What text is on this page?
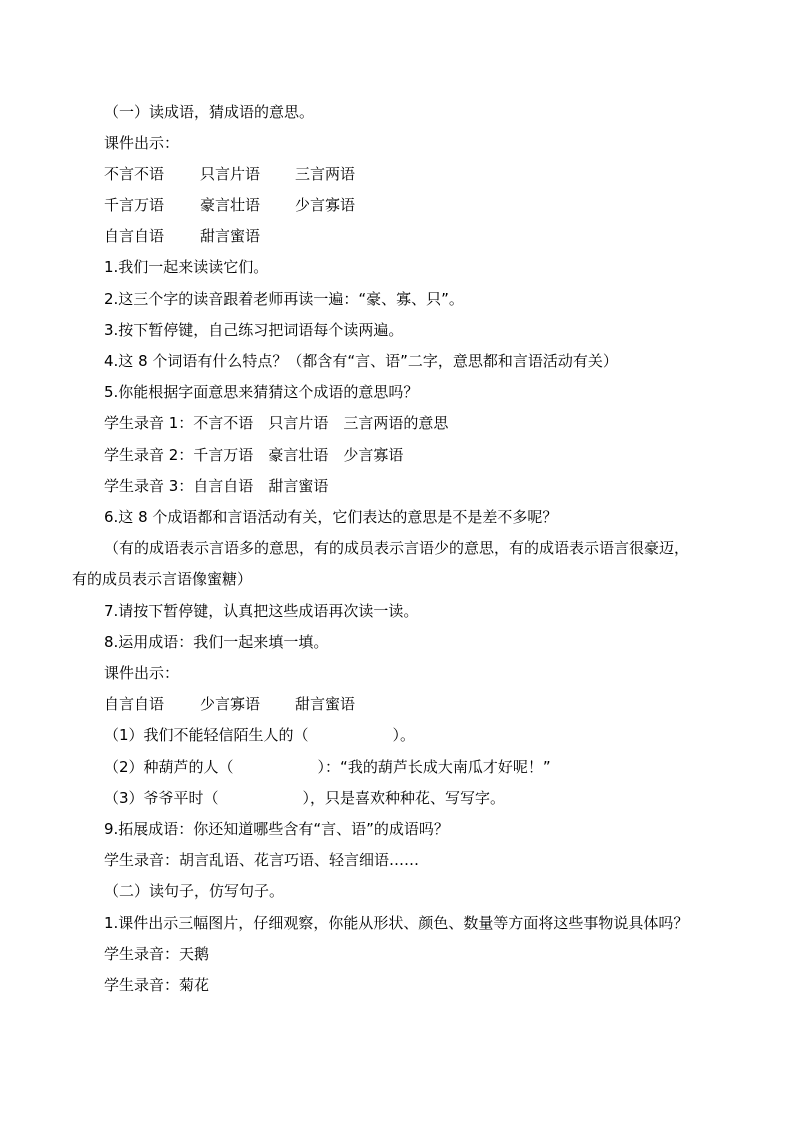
（一）读成语，猜成语的意思。
课件出示：
不言不语 只言片语 三言两语
千言万语 豪言壮语 少言寡语
自言自语 甜言蜜语
1.我们一起来读读它们。
2.这三个字的读音跟着老师再读一遍：“豪、寡、只”。
3.按下暂停键，自己练习把词语每个读两遍。
4.这 8 个词语有什么特点？（都含有“言、语”二字，意思都和言语活动有关）
5.你能根据字面意思来猜猜这个成语的意思吗？
学生录音 1：不言不语　只言片语　三言两语的意思
学生录音 2：千言万语　豪言壮语　少言寡语
学生录音 3：自言自语　甜言蜜语
6.这 8 个成语都和言语活动有关，它们表达的意思是不是差不多呢？
（有的成语表示言语多的意思，有的成员表示言语少的意思，有的成语表示语言很豪迈，
有的成员表示言语像蜜糖）
7.请按下暂停键，认真把这些成语再次读一读。
8.运用成语：我们一起来填一填。
课件出示：
自言自语 少言寡语 甜言蜜语
（1）我们不能轻信陌生人的（	）。
（2）种葫芦的人（	）：“我的葫芦长成大南瓜才好呢！”
（3）爷爷平时（	），只是喜欢种种花、写写字。
9.拓展成语：你还知道哪些含有“言、语”的成语吗？
学生录音：胡言乱语、花言巧语、轻言细语……
（二）读句子，仿写句子。
1.课件出示三幅图片，仔细观察，你能从形状、颜色、数量等方面将这些事物说具体吗？
学生录音：天鹅
学生录音：菊花
